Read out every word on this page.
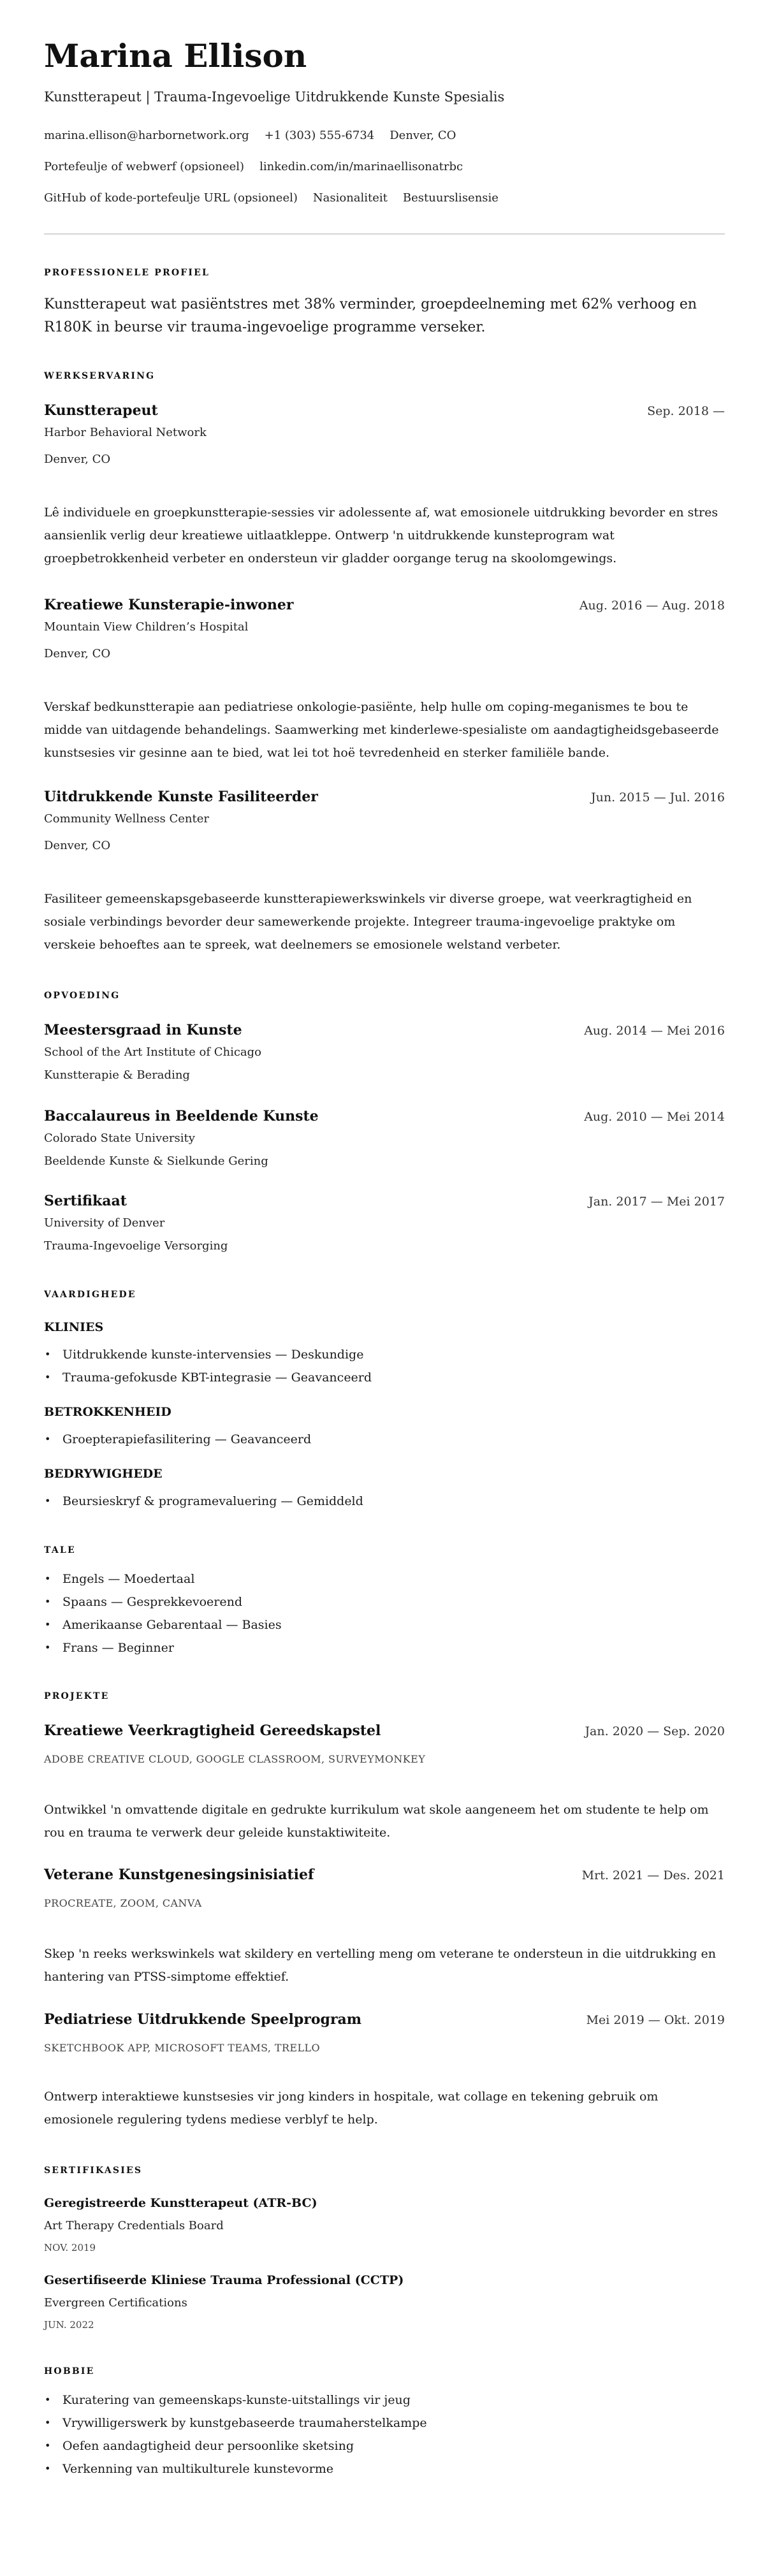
Marina Ellison
Kunstterapeut | Trauma-Ingevoelige Uitdrukkende Kunste Spesialis
marina.ellison@harbornetwork.org +1 (303) 555-6734 Denver, CO
Portefeulje of webwerf (opsioneel) linkedin.com/in/marinaellisonatrbc
GitHub of kode-portefeulje URL (opsioneel) Nasionaliteit Bestuurslisensie
PROFESSIONELE PROFIEL
Kunstterapeut wat pasiëntstres met 38% verminder, groepdeelneming met 62% verhoog en R180K in beurse vir trauma-ingevoelige programme verseker.
WERKSERVARING
Kunstterapeut	Sep. 2018 —
Harbor Behavioral Network
Denver, CO
Lê individuele en groepkunstterapie-sessies vir adolessente af, wat emosionele uitdrukking bevorder en stres aansienlik verlig deur kreatiewe uitlaatkleppe. Ontwerp 'n uitdrukkende kunsteprogram wat groepbetrokkenheid verbeter en ondersteun vir gladder oorgange terug na skoolomgewings.
Kreatiewe Kunsterapie-inwoner	Aug. 2016 — Aug. 2018
Mountain View Children’s Hospital
Denver, CO
Verskaf bedkunstterapie aan pediatriese onkologie-pasiënte, help hulle om coping-meganismes te bou te midde van uitdagende behandelings. Saamwerking met kinderlewe-spesialiste om aandagtigheidsgebaseerde kunstsesies vir gesinne aan te bied, wat lei tot hoë tevredenheid en sterker familiële bande.
Uitdrukkende Kunste Fasiliteerder	Jun. 2015 — Jul. 2016
Community Wellness Center
Denver, CO
Fasiliteer gemeenskapsgebaseerde kunstterapiewerkswinkels vir diverse groepe, wat veerkragtigheid en sosiale verbindings bevorder deur samewerkende projekte. Integreer trauma-ingevoelige praktyke om verskeie behoeftes aan te spreek, wat deelnemers se emosionele welstand verbeter.
OPVOEDING
Meestersgraad in Kunste	Aug. 2014 — Mei 2016
School of the Art Institute of Chicago
Kunstterapie & Berading
Baccalaureus in Beeldende Kunste	Aug. 2010 — Mei 2014
Colorado State University
Beeldende Kunste & Sielkunde Gering
Sertifikaat	Jan. 2017 — Mei 2017
University of Denver
Trauma-Ingevoelige Versorging
VAARDIGHEDE
KLINIES
• Uitdrukkende kunste-intervensies — Deskundige
• Trauma-gefokusde KBT-integrasie — Geavanceerd
BETROKKENHEID
• Groepterapiefasilitering — Geavanceerd
BEDRYWIGHEDE
• Beursieskryf & programevaluering — Gemiddeld
TALE
• Engels — Moedertaal
• Spaans — Gesprekkevoerend
• Amerikaanse Gebarentaal — Basies
• Frans — Beginner
PROJEKTE
Kreatiewe Veerkragtigheid Gereedskapstel	Jan. 2020 — Sep. 2020
ADOBE CREATIVE CLOUD, GOOGLE CLASSROOM, SURVEYMONKEY
Ontwikkel 'n omvattende digitale en gedrukte kurrikulum wat skole aangeneem het om studente te help om rou en trauma te verwerk deur geleide kunstaktiwiteite.
Veterane Kunstgenesingsinisiatief	Mrt. 2021 — Des. 2021
PROCREATE, ZOOM, CANVA
Skep 'n reeks werkswinkels wat skildery en vertelling meng om veterane te ondersteun in die uitdrukking en hantering van PTSS-simptome effektief.
Pediatriese Uitdrukkende Speelprogram	Mei 2019 — Okt. 2019
SKETCHBOOK APP, MICROSOFT TEAMS, TRELLO
Ontwerp interaktiewe kunstsesies vir jong kinders in hospitale, wat collage en tekening gebruik om emosionele regulering tydens mediese verblyf te help.
SERTIFIKASIES
Geregistreerde Kunstterapeut (ATR-BC)
Art Therapy Credentials Board
NOV. 2019
Gesertifiseerde Kliniese Trauma Professional (CCTP)
Evergreen Certifications
JUN. 2022
HOBBIE
• Kuratering van gemeenskaps-kunste-uitstallings vir jeug
• Vrywilligerswerk by kunstgebaseerde traumaherstelkampe
• Oefen aandagtigheid deur persoonlike sketsing
• Verkenning van multikulturele kunstevorme
